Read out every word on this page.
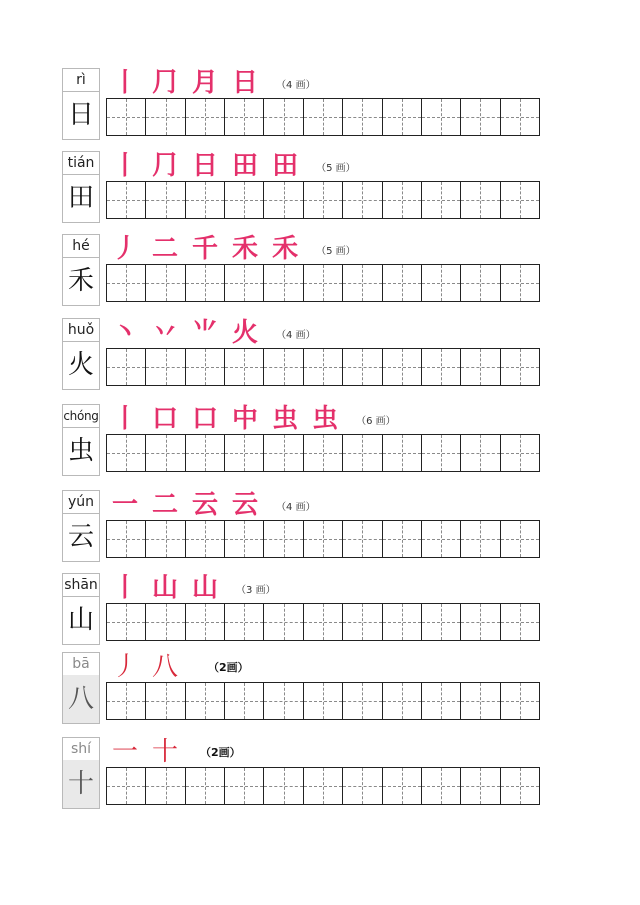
rì
日
丨 ⺆ 月 日 （4 画）
tián
田
丨 ⺆ 日 田 田 （5 画）
hé
禾
丿 二 千 禾 禾 （5 画）
huǒ
火
丶 丷 ⺌ 火 （4 画）
chóng
虫
丨 口 口 中 虫 虫 （6 画）
yún
云
一 二 云 云 （4 画）
shān
山
丨 山 山 （3 画）
bā
八
丿 八	（2画）
shí
十
一 十 （2画）
